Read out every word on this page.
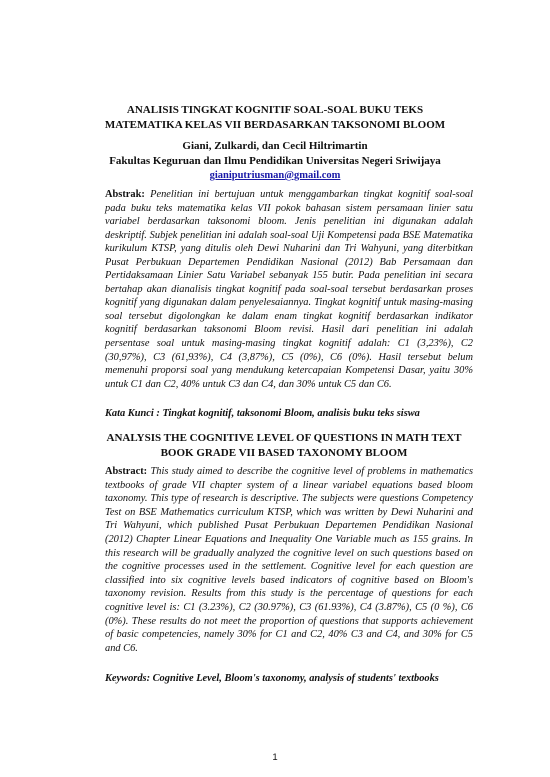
ANALISIS TINGKAT KOGNITIF SOAL-SOAL BUKU TEKS
MATEMATIKA KELAS VII BERDASARKAN TAKSONOMI BLOOM
Giani, Zulkardi, dan Cecil Hiltrimartin
Fakultas Keguruan dan Ilmu Pendidikan Universitas Negeri Sriwijaya
gianiputriusman@gmail.com

Abstrak: Penelitian ini bertujuan untuk menggambarkan tingkat kognitif soal-soal pada buku teks matematika kelas VII pokok bahasan sistem persamaan linier satu variabel berdasarkan taksonomi bloom. Jenis penelitian ini digunakan adalah deskriptif. Subjek penelitian ini adalah soal-soal Uji Kompetensi pada BSE Matematika kurikulum KTSP, yang ditulis oleh Dewi Nuharini dan Tri Wahyuni, yang diterbitkan Pusat Perbukuan Departemen Pendidikan Nasional (2012) Bab Persamaan dan Pertidaksamaan Linier Satu Variabel sebanyak 155 butir. Pada penelitian ini secara bertahap akan dianalisis tingkat kognitif pada soal-soal tersebut berdasarkan proses kognitif yang digunakan dalam penyelesaiannya. Tingkat kognitif untuk masing-masing soal tersebut digolongkan ke dalam enam tingkat kognitif berdasarkan indikator kognitif berdasarkan taksonomi Bloom revisi. Hasil dari penelitian ini adalah persentase soal untuk masing-masing tingkat kognitif adalah: C1 (3,23%), C2 (30,97%), C3 (61,93%), C4 (3,87%), C5 (0%), C6 (0%). Hasil tersebut belum memenuhi proporsi soal yang mendukung ketercapaian Kompetensi Dasar, yaitu 30% untuk C1 dan C2, 40% untuk C3 dan C4, dan 30% untuk C5 dan C6.

Kata Kunci : Tingkat kognitif, taksonomi Bloom, analisis buku teks siswa

ANALYSIS THE COGNITIVE LEVEL OF QUESTIONS IN MATH TEXT
BOOK GRADE VII BASED TAXONOMY BLOOM

Abstract: This study aimed to describe the cognitive level of problems in mathematics textbooks of grade VII chapter system of a linear variabel equations based bloom taxonomy. This type of research is descriptive. The subjects were questions Competency Test on BSE Mathematics curriculum KTSP, which was written by Dewi Nuharini and Tri Wahyuni, which published Pusat Perbukuan Departemen Pendidikan Nasional (2012) Chapter Linear Equations and Inequality One Variable much as 155 grains. In this research will be gradually analyzed the cognitive level on such questions based on the cognitive processes used in the settlement. Cognitive level for each question are classified into six cognitive levels based indicators of cognitive based on Bloom's taxonomy revision. Results from this study is the percentage of questions for each cognitive level is: C1 (3.23%), C2 (30.97%), C3 (61.93%), C4 (3.87%), C5 (0 %), C6 (0%). These results do not meet the proportion of questions that supports achievement of basic competencies, namely 30% for C1 and C2, 40% C3 and C4, and 30% for C5 and C6.

Keywords: Cognitive Level, Bloom's taxonomy, analysis of students' textbooks

1
